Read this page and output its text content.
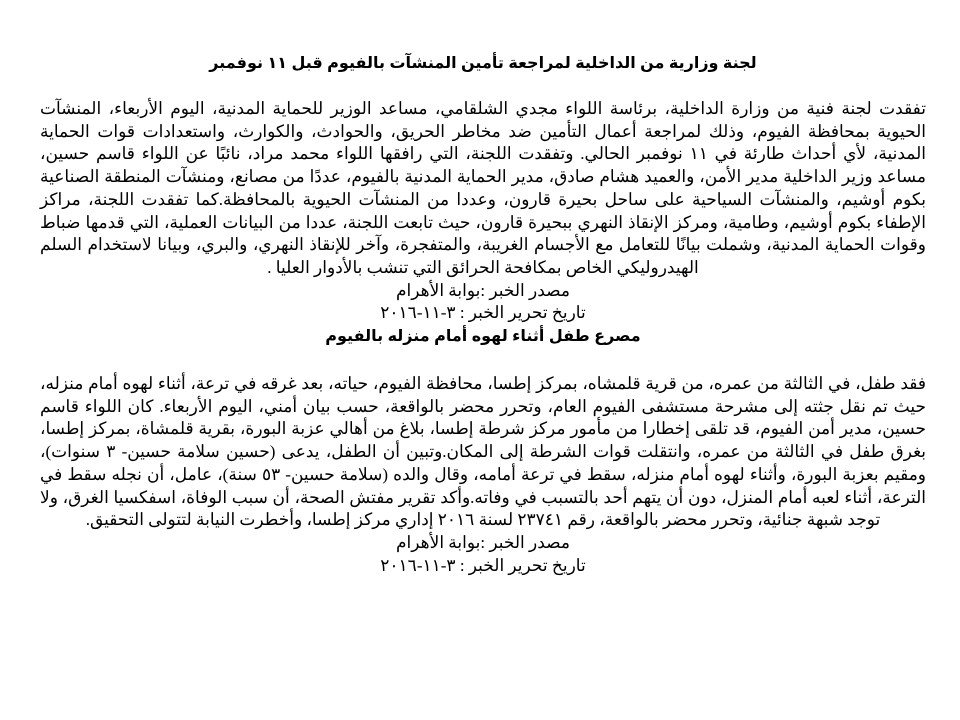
لجنة وزارية من الداخلية لمراجعة تأمين المنشآت بالفيوم قبل ١١ نوفمبر

تفقدت لجنة فنية من وزارة الداخلية، برئاسة اللواء مجدي الشلقامي، مساعد الوزير للحماية المدنية، اليوم الأربعاء، المنشآت الحيوية بمحافظة الفيوم، وذلك لمراجعة أعمال التأمين ضد مخاطر الحريق، والحوادث، والكوارث، واستعدادات قوات الحماية المدنية، لأي أحداث طارئة في ١١ نوفمبر الحالي. وتفقدت اللجنة، التي رافقها اللواء محمد مراد، نائبًا عن اللواء قاسم حسين، مساعد وزير الداخلية مدير الأمن، والعميد هشام صادق، مدير الحماية المدنية بالفيوم، عددًا من مصانع، ومنشآت المنطقة الصناعية بكوم أوشيم، والمنشآت السياحية على ساحل بحيرة قارون، وعددا من المنشآت الحيوية بالمحافظة.كما تفقدت اللجنة، مراكز الإطفاء بكوم أوشيم، وطامية، ومركز الإنقاذ النهري ببحيرة قارون، حيث تابعت اللجنة، عددا من البيانات العملية، التي قدمها ضباط وقوات الحماية المدنية، وشملت بيانًا للتعامل مع الأجسام الغريبة، والمتفجرة، وآخر للإنقاذ النهري، والبري، وبيانا لاستخدام السلم الهيدروليكي الخاص بمكافحة الحرائق التي تنشب بالأدوار العليا .

مصدر الخبر :بوابة الأهرام

تاريخ تحرير الخبر : ٣-١١-٢٠١٦

مصرع طفل أثناء لهوه أمام منزله بالفيوم

فقد طفل، في الثالثة من عمره، من قرية قلمشاه، بمركز إطسا، محافظة الفيوم، حياته، بعد غرقه في ترعة، أثناء لهوه أمام منزله، حيث تم نقل جثته إلى مشرحة مستشفى الفيوم العام، وتحرر محضر بالواقعة، حسب بيان أمني، اليوم الأربعاء. كان اللواء قاسم حسين، مدير أمن الفيوم، قد تلقى إخطارا من مأمور مركز شرطة إطسا، بلاغ من أهالي عزبة البورة، بقرية قلمشاة، بمركز إطسا، بغرق طفل في الثالثة من عمره، وانتقلت قوات الشرطة إلى المكان.وتبين أن الطفل، يدعى (حسين سلامة حسين- ٣ سنوات)، ومقيم بعزبة البورة، وأثناء لهوه أمام منزله، سقط في ترعة أمامه، وقال والده (سلامة حسين- ٥٣ سنة)، عامل، أن نجله سقط في الترعة، أثناء لعبه أمام المنزل، دون أن يتهم أحد بالتسبب في وفاته.وأكد تقرير مفتش الصحة، أن سبب الوفاة، اسفكسيا الغرق، ولا توجد شبهة جنائية، وتحرر محضر بالواقعة، رقم ٢٣٧٤١ لسنة ٢٠١٦ إداري مركز إطسا، وأخطرت النيابة لتتولى التحقيق.

مصدر الخبر :بوابة الأهرام

تاريخ تحرير الخبر : ٣-١١-٢٠١٦
